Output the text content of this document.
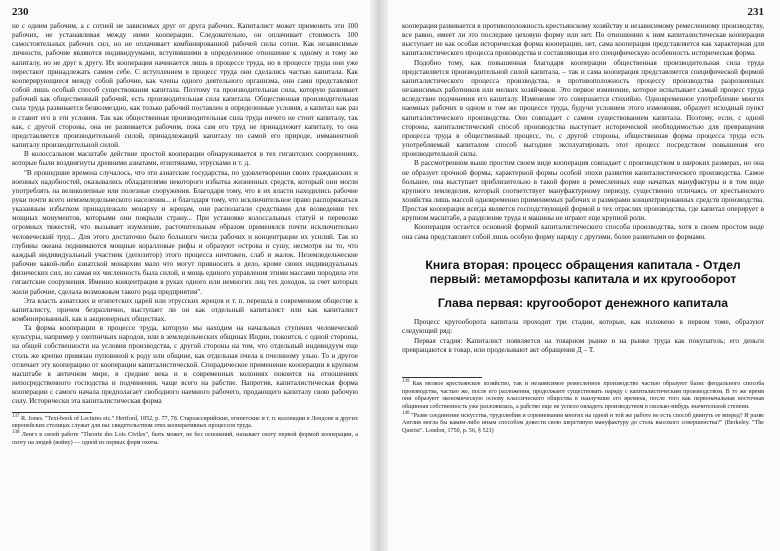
230

не с одним рабочим, а с сотней не зависимых друг от друга рабочих. Капиталист может применить эти 100 рабочих, не устанавливая между ними кооперации. Следовательно, он оплачивает стоимость 100 самостоятельных рабочих сил, но не оплачивает комбинированной рабочей силы сотни. Как независимые личности, рабочие являются индивидуумами, вступившими в определенное отношение к одному и тому же капиталу, но не друг к другу. Их кооперация начинается лишь в процессе труда, но в процессе труда они уже перестают принадлежать самим себе. С вступлением в процесс труда они сделались частью капитала. Как кооперирующиеся между собой рабочие, как члены одного деятельного организма, они сами представляют собой лишь особый способ существования капитала. Поэтому та производительная сила, которую развивает рабочий как общественный рабочий, есть производительная сила капитала. Общественная производительная сила труда развивается безвозмездно, как только рабочий поставлен в определенные условия, а капитал как раз и ставит его в эти условия. Так как общественная производительная сила труда ничего не стоит капиталу, так как, с другой стороны, она не развивается рабочим, пока сам его труд не принадлежит капиталу, то она представляется производительной силой, принадлежащей капиталу по самой его природе, имманентной капиталу производительной силой.

В колоссальном масштабе действие простой кооперации обнаруживается в тех гигантских сооружениях, которые были воздвигнуты древними азиатами, египтянами, этрусками и т. д.

"В прошедшие времена случалось, что эти азиатские государства, по удовлетворении своих гражданских и военных надобностей, оказывались обладателями некоторого избытка жизненных средств, который они могли употреблять на великолепные или полезные сооружения. Благодаря тому, что в их власти находились рабочие руки почти всего немземледельческого населения... и благодаря тому, что исключительное право распоряжаться указанным избытком принадлежало монарху и жрецам, они располагали средствами для возведения тех мощных монументов, которыми они покрыли страну... При установке колоссальных статуй и перевозке огромных тяжестей, что вызывает изумление, расточительным образом применялся почти исключительно человеческий труд... Для этого достаточно было большого числа рабочих и концентрации их усилий. Так из глубины океана поднимаются мощные коралловые рифы и образуют острова и сушу, несмотря на то, что каждый индивидуальный участник (депозитор) этого процесса ничтожен, слаб и жалок. Неземледельческие рабочие какой-либо азиатской монархии мало что могут привносить в дело, кроме своих индивидуальных физических сил, но самая их численность была силой, и мощь единого управления этими массами породила эти гигантские сооружения. Именно концентрация в руках одного или немногих лиц тех доходов, за счет которых жили рабочие, сделала возможным такого рода предприятия".

Эта власть азиатских и египетских царей или этрусских жрецов и т. п. перешла в современном обществе к капиталисту, причем безразлично, выступает ли он как отдельный капиталист или как капиталист комбинированный, как в акционерных обществах.

Та форма кооперации в процессе труда, которую мы находим на начальных ступенях человеческой культуры, например у охотничьих народов, или в земледельческих общинах Индии, покоится, с одной стороны, на общей собственности на условия производства, с другой стороны на том, что отдельный индивидуум еще столь же крепко привязан пуповиной к роду или общине, как отдельная пчела к пчелиному улью. То и другое отличает эту кооперацию от кооперации капиталистической. Спорадическое применение кооперации в крупном масштабе в античном мире, в средние века и в современных колониях покоится на отношениях непосредственного господства и подчинения, чаще всего на рабстве. Напротив, капиталистическая форма кооперации с самого начала предполагает свободного наемного рабочего, продающего капиталу свою рабочую силу. Исторически эта капиталистическая форма

$^{137}$ R. Jones. "Text-book of Lectures etc." Hertford, 1852, p. 77, 78. Староассирийские, египетские и т. п. коллекции в Лондоне и других европейских столицах служат для нас свидетельством этих кооперативных процессов труда.

$^{138}$ Ленгэ в своей работе "Theorie des Lois Civiles", быть может, не без оснований, называет охоту первой формой кооперации, а охоту на людей (войну) — одной из первых форм охоты.

231

кооперация развивается в противоположность крестьянскому хозяйству и независимому ремесленному производству, все равно, имеет ли это последнее цеховую форму или нет. По отношению к ним капиталистическая кооперация выступает не как особая историческая форма кооперации, нет, сама кооперация представляется как характерная для капиталистического процесса производства и составляющая его специфическую особенность историческая форма.

Подобно тому, как повышенная благодаря кооперации общественная производительная сила труда представляется производительной силой капитала, – так и сама кооперация представляется специфической формой капиталистического процесса производства, в противоположность процессу производства разрозненных независимых работников или мелких хозяйчиков. Это первое изменение, которое испытывает самый процесс труда вследствие подчинения его капиталу. Изменение это совершается стихийно. Одновременное употребление многих наемных рабочих в одном и том же процессе труда, будучи условием этого изменения, образует исходный пункт капиталистического производства. Оно совпадает с самим существованием капитала. Поэтому, если, с одной стороны, капиталистический способ производства выступает исторической необходимостью для превращения процесса труда в общественный процесс, то, с другой стороны, общественная форма процесса труда есть употребляемый капиталом способ выгоднее эксплуатировать этот процесс посредством повышения его производительной силы.

В рассмотренном выше простом своем виде кооперация совпадает с производством в широких размерах, но она не образует прочной формы, характерной формы особой эпохи развития капиталистического производства. Самое большее, она выступает приблизительно в такой форме в ремесленных еще начатках мануфактуры и в том виде крупного земледелия, который соответствует мануфактурному периоду, существенно отличаясь от крестьянского хозяйства лишь массой одновременно применяемых рабочих и размерами концентрированных средств производства. Простая кооперация всегда является господствующей формой в тех отраслях производства, где капитал оперирует в крупном масштабе, а разделение труда и машины не играют еще крупной роли.

Кооперация остается основной формой капиталистического способа производства, хотя в своем простом виде она сама представляет собой лишь особую форму наряду с другими, более развитыми ее формами.

Книга вторая: процесс обращения капитала - Отдел первый: метаморфозы капитала и их кругооборот
Глава первая: кругооборот денежного капитала

Процесс кругооборота капитала проходит три стадии, которые, как изложено в первом томе, образуют следующий ряд:

Первая стадия: Капиталист появляется на товарном рынке и на рынке труда как покупатель; его деньги превращаются в товар, или проделывают акт обращения Д – Т.

$^{139}$ Как мелкое крестьянское хозяйство, так и независимое ремесленное производство частью образуют базис феодального способа производства, частью же, после его разложения, продолжают существовать наряду с капиталистическим производством. В то же время они образуют экономическую основу классического общества в наилучшие его времена, после того как первоначальная восточная общинная собственность уже разложилась, а рабство еще не успело овладеть производством в сколько-нибудь значительной степени.

$^{140}$ "Разве соединение искусства, трудолюбия и соревнования многих на одной и той же работе не есть способ двинуть ее вперед? И разве Англия могла бы каким-либо иным способом довести свою шерстяную мануфактуру до столь высокого совершенства?" (Berkeley. "The Querist". London, 1750, p. 56, § 521)
